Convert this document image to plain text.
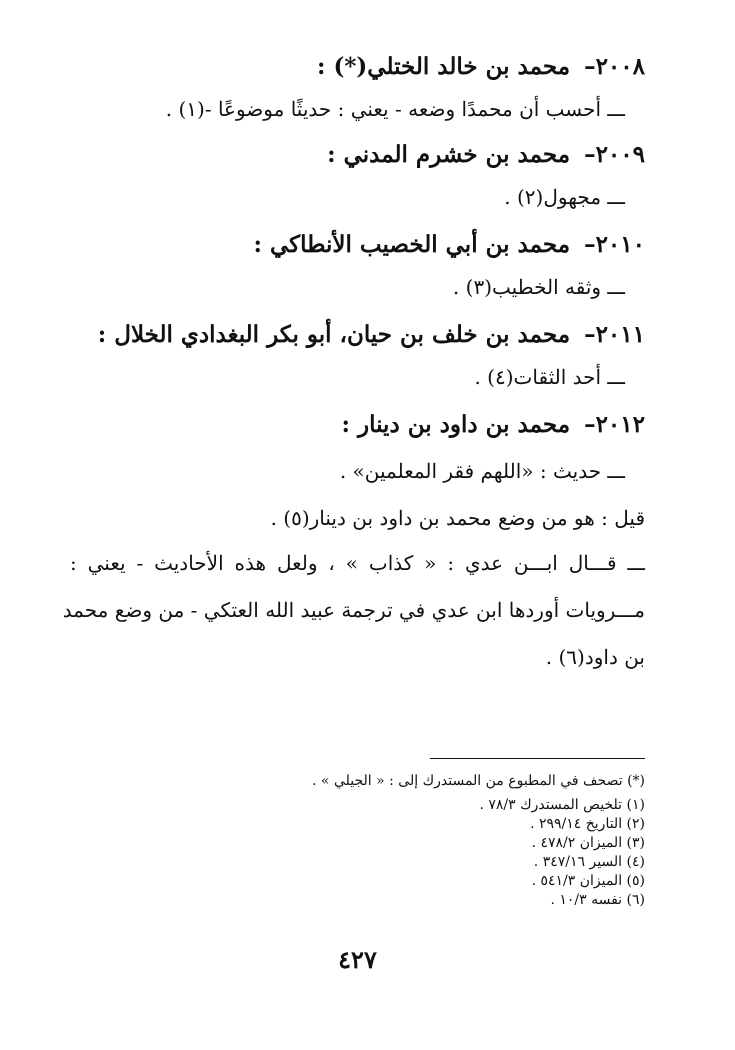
٢٠٠٨– محمد بن خالد الختلي(*) :
ـــ أحسب أن محمدًا وضعه - يعني : حديثًا موضوعًا -(١) .
٢٠٠٩– محمد بن خشرم المدني :
ـــ مجهول(٢) .
٢٠١٠– محمد بن أبي الخصيب الأنطاكي :
ـــ وثقه الخطيب(٣) .
٢٠١١– محمد بن خلف بن حيان، أبو بكر البغدادي الخلال :
ـــ أحد الثقات(٤) .
٢٠١٢– محمد بن داود بن دينار :
ـــ حديث : «اللهم فقر المعلمين» .
قيل : هو من وضع محمد بن داود بن دينار(٥) .
ـــ قـــال ابـــن عدي : « كذاب » ، ولعل هذه الأحاديث - يعني :
مـــرويات أوردها ابن عدي في ترجمة عبيد الله العتكي - من وضع محمد
بن داود(٦) .
(*) تصحف في المطبوع من المستدرك إلى : « الجيلي » .
(١) تلخيص المستدرك ٧٨/٣ .
(٢) التاريخ ٢٩٩/١٤ .
(٣) الميزان ٤٧٨/٢ .
(٤) السير ٣٤٧/١٦ .
(٥) الميزان ٥٤١/٣ .
(٦) نفسه ١٠/٣ .
٤٢٧
